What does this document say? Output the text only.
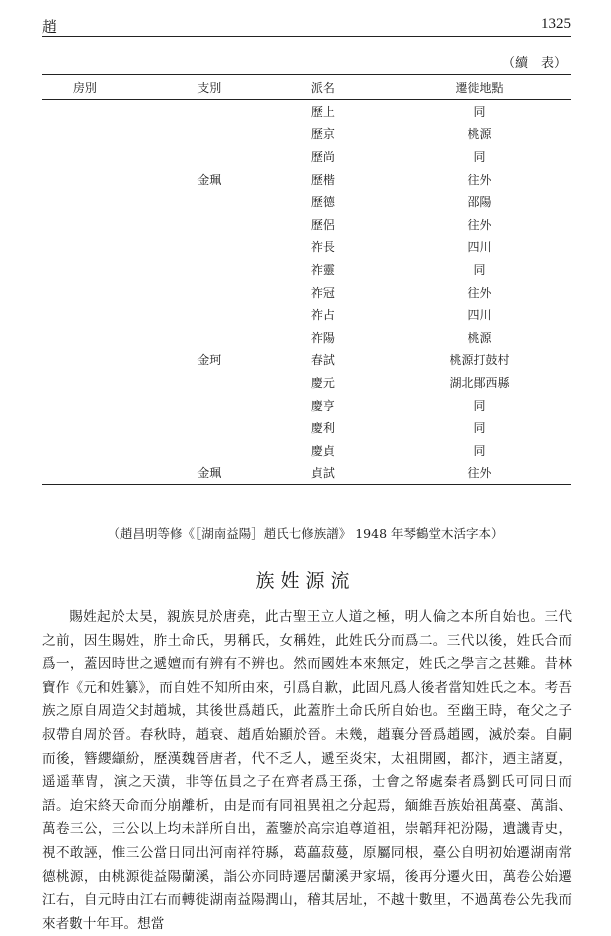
趙	1325
（續　表）
房別	支別	派名	遷徙地點
		歷上	同
		歷京	桃源
		歷尚	同
	金珮	歷楷	往外
		歷德	邵陽
		歷侶	往外
		祚長	四川
		祚靈	同
		祚冠	往外
		祚占	四川
		祚陽	桃源
	金珂	春試	桃源打鼓村
		慶元	湖北鄖西縣
		慶亨	同
		慶利	同
		慶貞	同
	金珮	貞試	往外
（趙昌明等修《［湖南益陽］趙氏七修族譜》 1948 年琴鶴堂木活字本）
族姓源流

賜姓起於太昊，親族見於唐堯，此古聖王立人道之極，明人倫之本所自始也。三代之前，因生賜姓，胙土命氏，男稱氏，女稱姓，此姓氏分而爲二。三代以後，姓氏合而爲一，蓋因時世之遞嬗而有辨有不辨也。然而國姓本來無定，姓氏之學言之甚難。昔林寶作《元和姓纂》，而自姓不知所由來，引爲自歉，此固凡爲人後者當知姓氏之本。考吾族之原自周造父封趙城，其後世爲趙氏，此蓋胙土命氏所自始也。至幽王時，奄父之子叔帶自周於晉。春秋時，趙衰、趙盾始顯於晉。未幾，趙襄分晉爲趙國，滅於秦。自嗣而後，簪纓纈紛，歷漢魏晉唐者，代不乏人，遞至炎宋，太祖開國，都汴，迺主諸夏，遥遥華冑，演之天潢，非等伍員之子在齊者爲王孫，士會之帑處秦者爲劉氏可同日而語。迨宋終天命而分崩離析，由是而有同祖異祖之分起焉，緬維吾族始祖萬臺、萬詣、萬卷三公，三公以上均未詳所自出，蓋鑒於高宗追尊道祖，崇韜拜祀汾陽，遺譏青史，視不敢誣，惟三公當日同出河南祥符縣，葛藟菽蔓，原屬同根，臺公自明初始遷湖南常德桃源，由桃源徙益陽蘭溪，詣公亦同時遷居蘭溪尹家塥，後再分遷火田，萬卷公始遷江右，自元時由江右而轉徙湖南益陽潤山，稽其居址，不越十數里，不過萬卷公先我而來者數十年耳。想當
